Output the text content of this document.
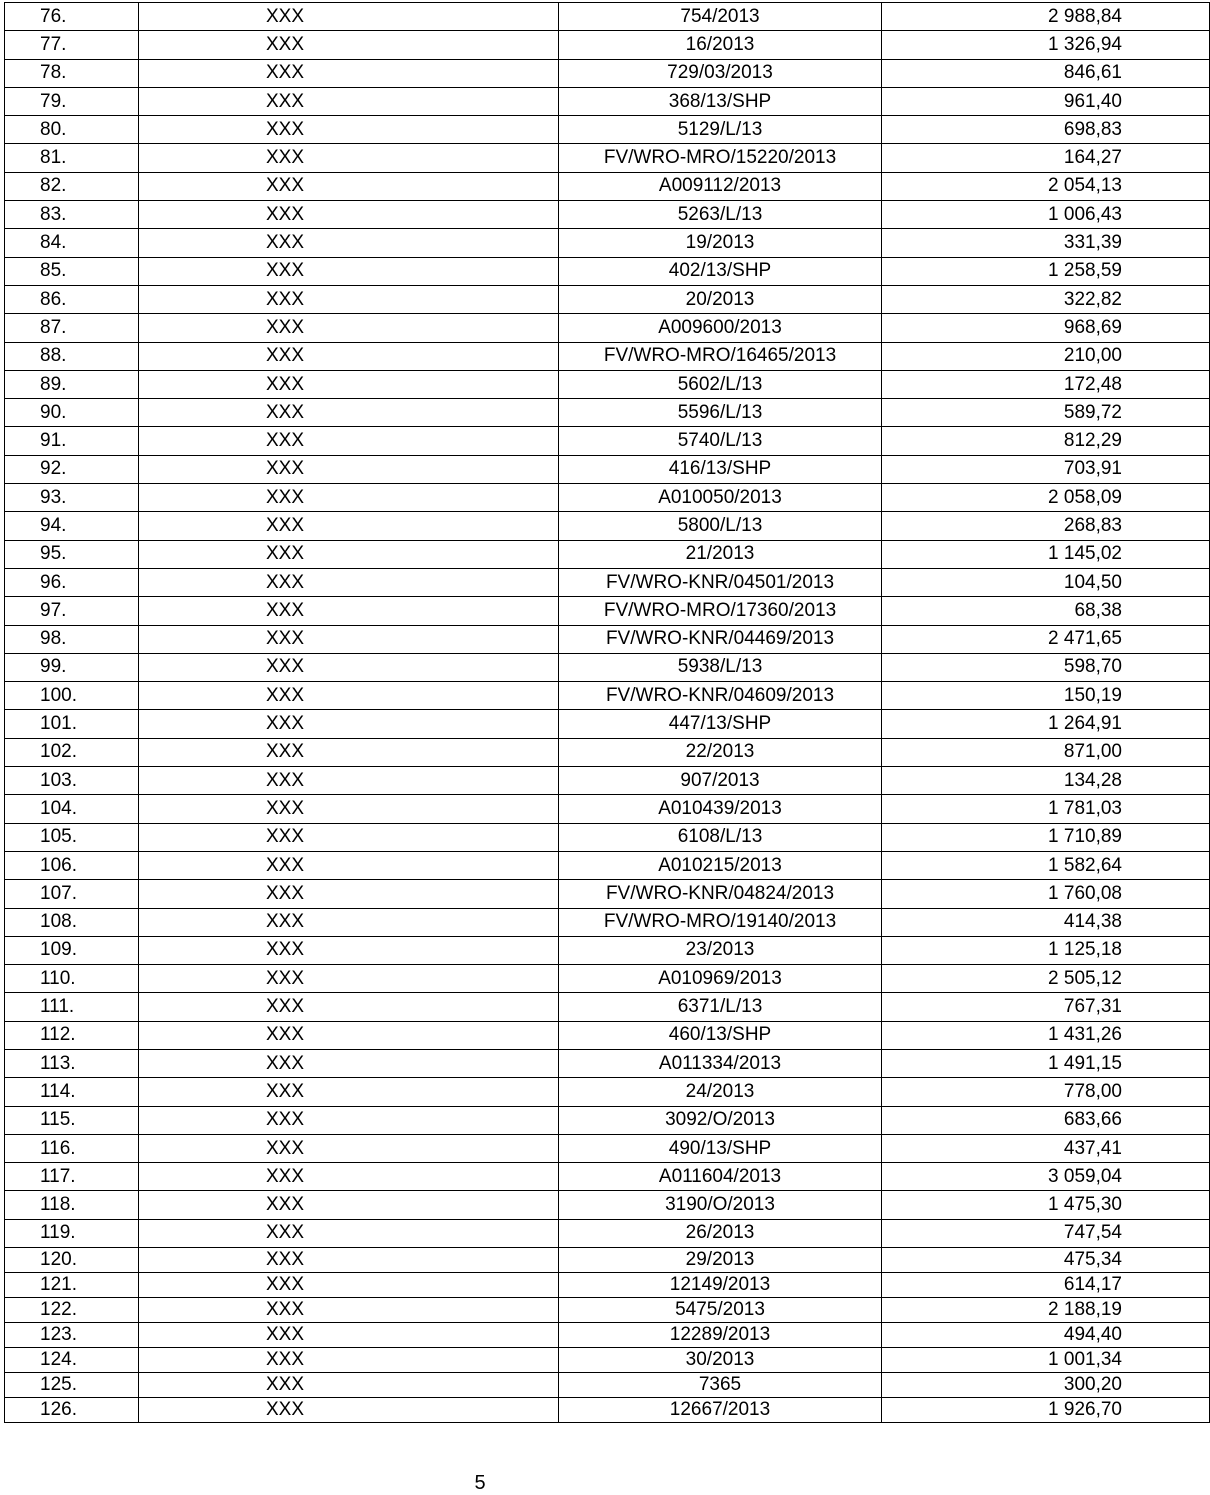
76.	XXX	754/2013	2 988,84
77.	XXX	16/2013	1 326,94
78.	XXX	729/03/2013	846,61
79.	XXX	368/13/SHP	961,40
80.	XXX	5129/L/13	698,83
81.	XXX	FV/WRO-MRO/15220/2013	164,27
82.	XXX	A009112/2013	2 054,13
83.	XXX	5263/L/13	1 006,43
84.	XXX	19/2013	331,39
85.	XXX	402/13/SHP	1 258,59
86.	XXX	20/2013	322,82
87.	XXX	A009600/2013	968,69
88.	XXX	FV/WRO-MRO/16465/2013	210,00
89.	XXX	5602/L/13	172,48
90.	XXX	5596/L/13	589,72
91.	XXX	5740/L/13	812,29
92.	XXX	416/13/SHP	703,91
93.	XXX	A010050/2013	2 058,09
94.	XXX	5800/L/13	268,83
95.	XXX	21/2013	1 145,02
96.	XXX	FV/WRO-KNR/04501/2013	104,50
97.	XXX	FV/WRO-MRO/17360/2013	68,38
98.	XXX	FV/WRO-KNR/04469/2013	2 471,65
99.	XXX	5938/L/13	598,70
100.	XXX	FV/WRO-KNR/04609/2013	150,19
101.	XXX	447/13/SHP	1 264,91
102.	XXX	22/2013	871,00
103.	XXX	907/2013	134,28
104.	XXX	A010439/2013	1 781,03
105.	XXX	6108/L/13	1 710,89
106.	XXX	A010215/2013	1 582,64
107.	XXX	FV/WRO-KNR/04824/2013	1 760,08
108.	XXX	FV/WRO-MRO/19140/2013	414,38
109.	XXX	23/2013	1 125,18
110.	XXX	A010969/2013	2 505,12
111.	XXX	6371/L/13	767,31
112.	XXX	460/13/SHP	1 431,26
113.	XXX	A011334/2013	1 491,15
114.	XXX	24/2013	778,00
115.	XXX	3092/O/2013	683,66
116.	XXX	490/13/SHP	437,41
117.	XXX	A011604/2013	3 059,04
118.	XXX	3190/O/2013	1 475,30
119.	XXX	26/2013	747,54
120.	XXX	29/2013	475,34
121.	XXX	12149/2013	614,17
122.	XXX	5475/2013	2 188,19
123.	XXX	12289/2013	494,40
124.	XXX	30/2013	1 001,34
125.	XXX	7365	300,20
126.	XXX	12667/2013	1 926,70
5
